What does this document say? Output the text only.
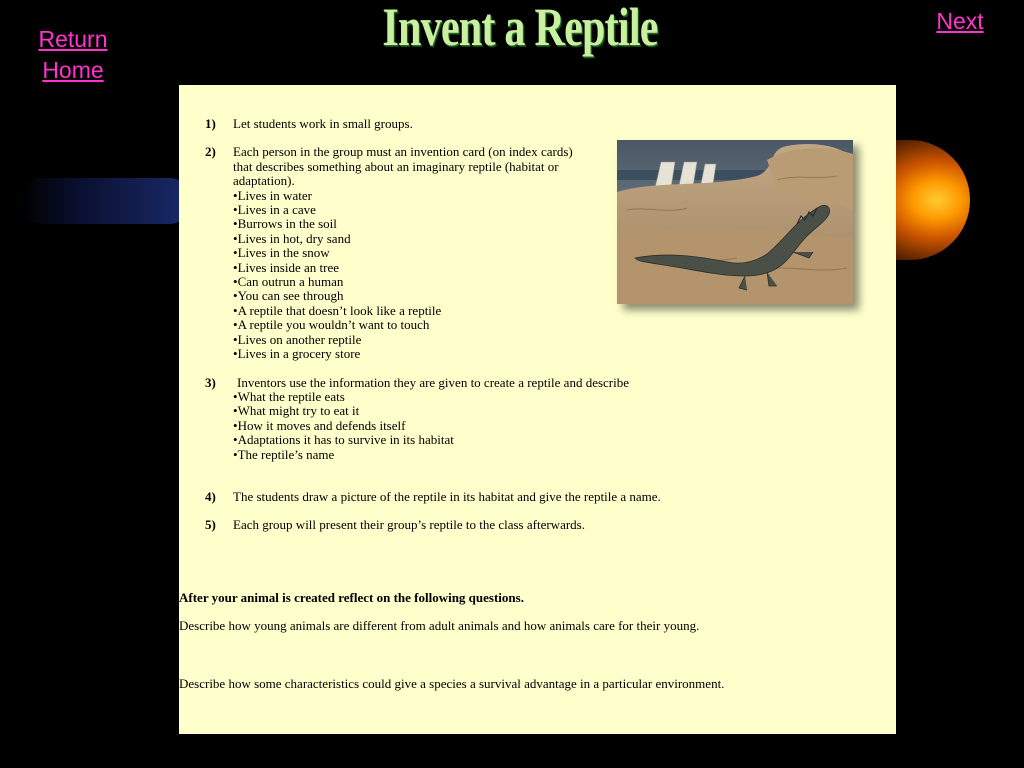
Invent a Reptile
Return
Home
Next
1)	Let students work in small groups.
2)	Each person in the group must an invention card (on index cards) that describes something about an imaginary reptile (habitat or adaptation).
• Lives in water
• Lives in a cave
• Burrows in the soil
• Lives in hot, dry sand
• Lives in the snow
• Lives inside an tree
• Can outrun a human
• You can see through
• A reptile that doesn’t look like a reptile
• A reptile you wouldn’t want to touch
• Lives on another reptile
• Lives in a grocery store
3)	Inventors use the information they are given to create a reptile and describe
• What the reptile eats
• What might try to eat it
• How it moves and defends itself
• Adaptations it has to survive in its habitat
• The reptile’s name
4)	The students draw a picture of the reptile in its habitat and give the reptile a name.
5)	Each group will present their group’s reptile to the class afterwards.
After your animal is created reflect on the following questions.
Describe how young animals are different from adult animals and how animals care for their young.
Describe how some characteristics could give a species a survival advantage in a particular environment.
